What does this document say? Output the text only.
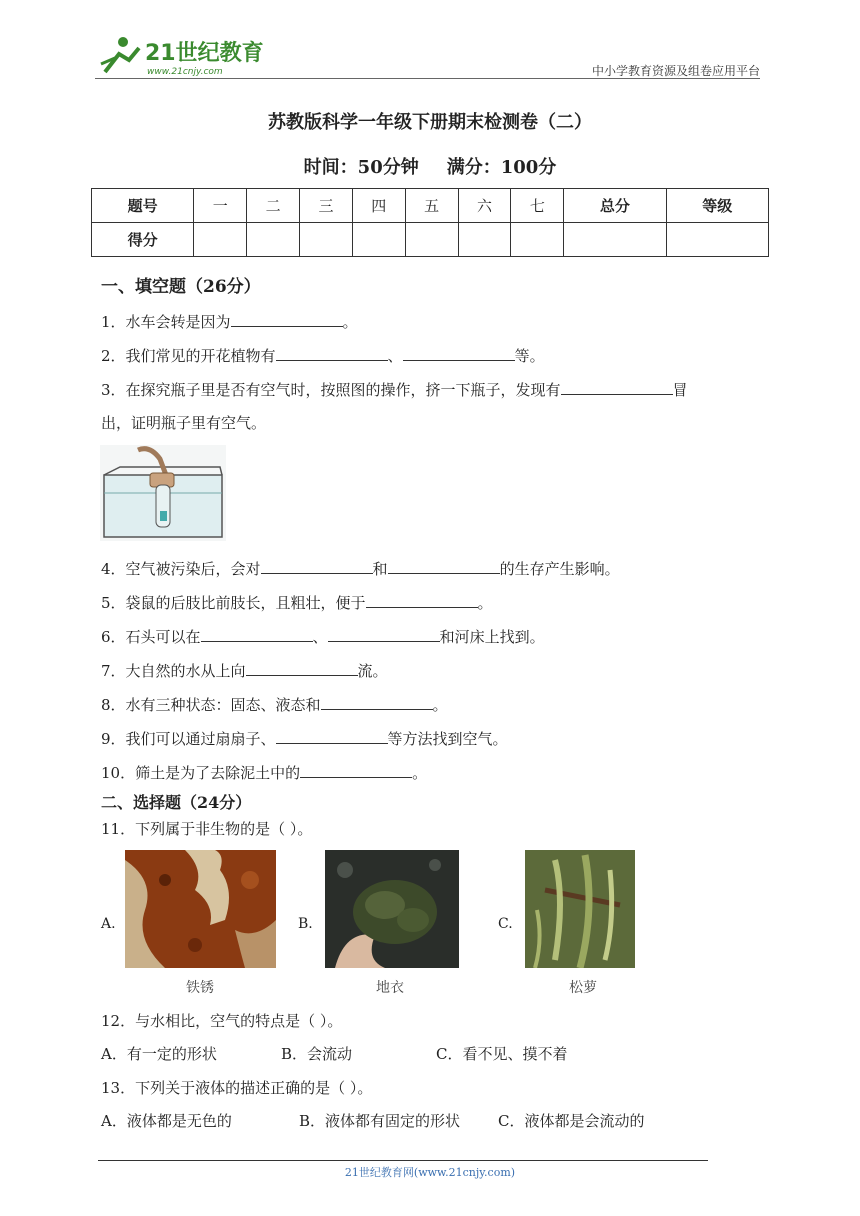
21世纪教育
www.21cnjy.com	中小学教育资源及组卷应用平台
苏教版科学一年级下册期末检测卷（二）
时间：50分钟 满分：100分
题号	一	二	三	四	五	六	七	总分	等级
得分									
一、填空题（26分）
1．水车会转是因为	。
2．我们常见的开花植物有	、	等。
3．在探究瓶子里是否有空气时，按照图的操作，挤一下瓶子，发现有	冒
出，证明瓶子里有空气。
4．空气被污染后，会对	和	的生存产生影响。
5．袋鼠的后肢比前肢长，且粗壮，便于	。
6．石头可以在	、	和河床上找到。
7．大自然的水从上向	流。
8．水有三种状态：固态、液态和	。
9．我们可以通过扇扇子、	等方法找到空气。
10．筛土是为了去除泥土中的	。
二、选择题（24分）
11．下列属于非生物的是（ ）。
A.
铁锈
B.
地衣
C.
松萝
12．与水相比，空气的特点是（ ）。
A．有一定的形状	B．会流动	C．看不见、摸不着
13．下列关于液体的描述正确的是（ ）。
A．液体都是无色的	B．液体都有固定的形状	C．液体都是会流动的
21世纪教育网(www.21cnjy.com)
